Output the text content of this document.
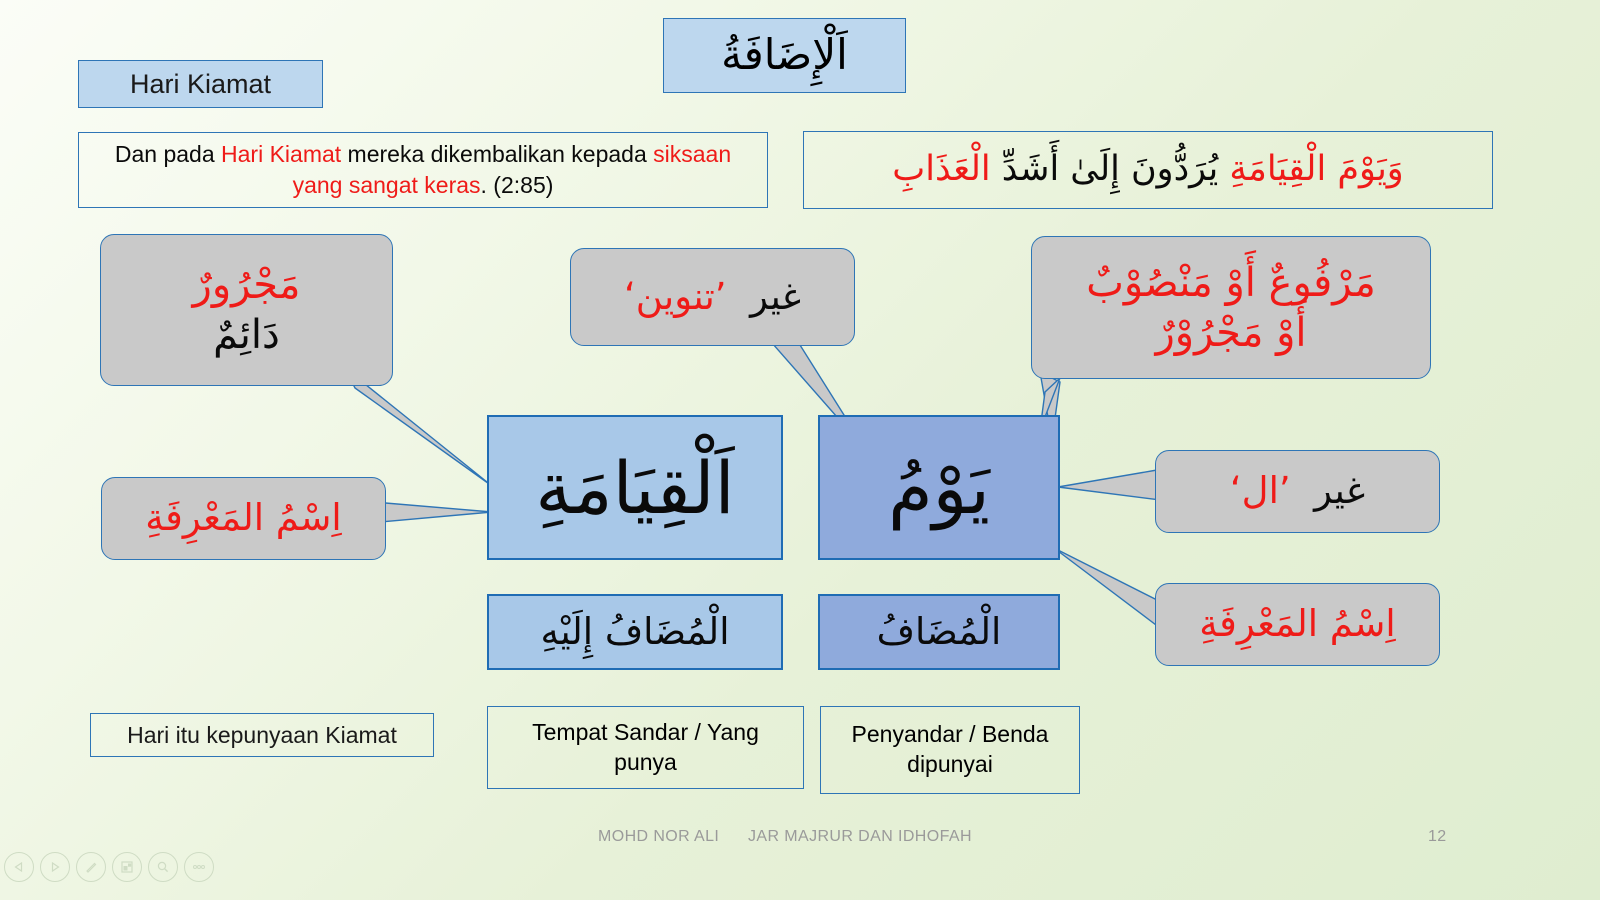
اَلْإِضَافَةُ
Hari Kiamat
Dan pada Hari Kiamat mereka dikembalikan kepada siksaan yang sangat keras. (2:85)	وَيَوْمَ الْقِيَامَةِ يُرَدُّونَ إِلَىٰ أَشَدِّ الْعَذَابِ
مَجْرُورٌ
دَائِمٌ
غير  ’تنوين‘	مَرْفُوعٌ أَوْ مَنْصُوْبٌ
أَوْ مَجْرُوْرٌ
اِسْمُ المَعْرِفَةِ
غير  ’ال‘
اِسْمُ المَعْرِفَةِ
اَلْقِيَامَةِ يَوْمُ
الْمُضَافُ إِلَيْهِ	الْمُضَافُ
Hari itu kepunyaan Kiamat	Tempat Sandar / Yang punya
Penyandar / Benda dipunyai
MOHD NOR ALI JAR MAJRUR DAN IDHOFAH	12
